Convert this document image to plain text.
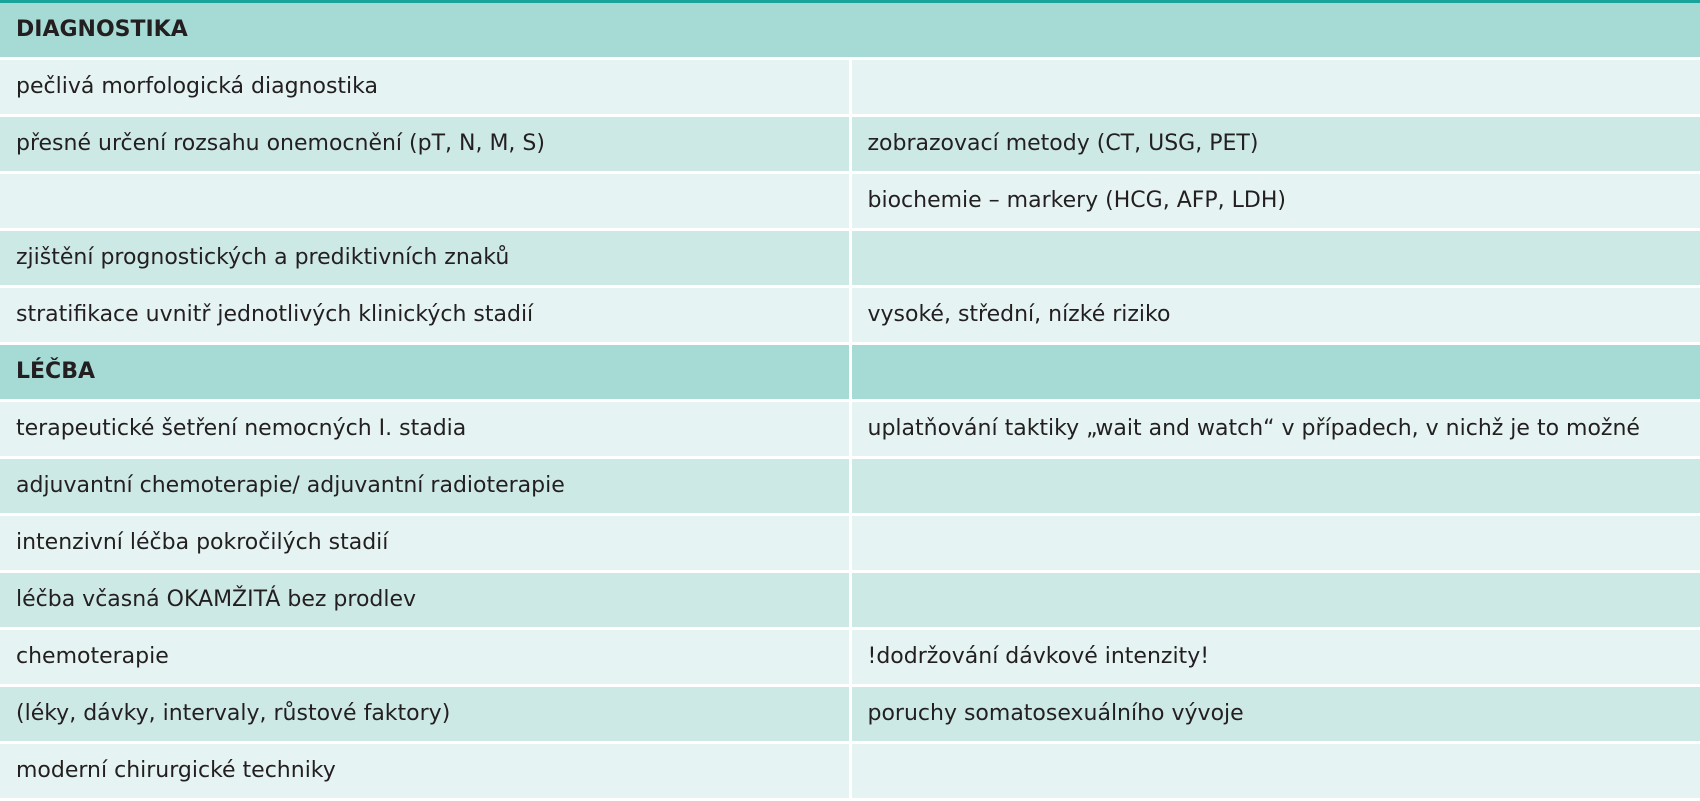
DIAGNOSTIKA	
pečlivá morfologická diagnostika	
přesné určení rozsahu onemocnění (pT, N, M, S)	zobrazovací metody (CT, USG, PET)
	biochemie – markery (HCG, AFP, LDH)
zjištění prognostických a prediktivních znaků	
stratifikace uvnitř jednotlivých klinických stadií	vysoké, střední, nízké riziko
LÉČBA	
terapeutické šetření nemocných I. stadia	uplatňování taktiky „wait and watch“ v případech, v nichž je to možné
adjuvantní chemoterapie/ adjuvantní radioterapie	
intenzivní léčba pokročilých stadií	
léčba včasná OKAMŽITÁ bez prodlev	
chemoterapie	!dodržování dávkové intenzity!
(léky, dávky, intervaly, růstové faktory)	poruchy somatosexuálního vývoje
moderní chirurgické techniky	
